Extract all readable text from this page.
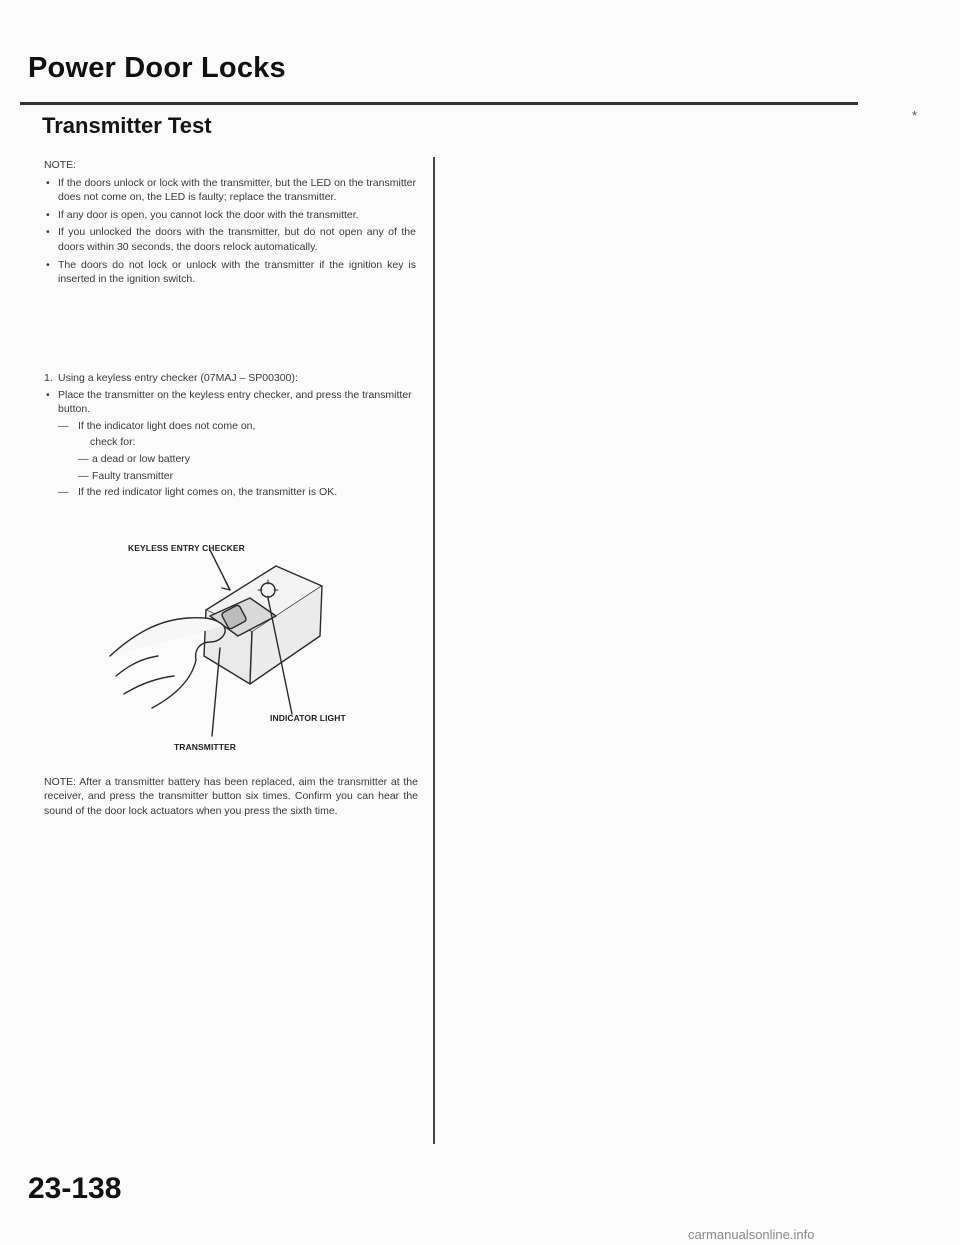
Power Door Locks
Transmitter Test	*

NOTE:

• If the doors unlock or lock with the transmitter, but the LED on the transmitter does not come on, the LED is faulty; replace the transmitter.
• If any door is open, you cannot lock the door with the transmitter.
• If you unlocked the doors with the transmitter, but do not open any of the doors within 30 seconds, the doors relock automatically.
• The doors do not lock or unlock with the transmitter if the ignition key is inserted in the ignition switch.

1. Using a keyless entry checker (07MAJ – SP00300):

• Place the transmitter on the keyless entry checker, and press the transmitter button.

— If the indicator light does not come on,

check for:

— a dead or low battery

— Faulty transmitter

— If the red indicator light comes on, the transmitter is OK.

KEYLESS ENTRY CHECKER
INDICATOR LIGHT
TRANSMITTER

NOTE: After a transmitter battery has been replaced, aim the transmitter at the receiver, and press the transmitter button six times. Confirm you can hear the sound of the door lock actuators when you press the sixth time.

23-138
carmanualsonline.info
